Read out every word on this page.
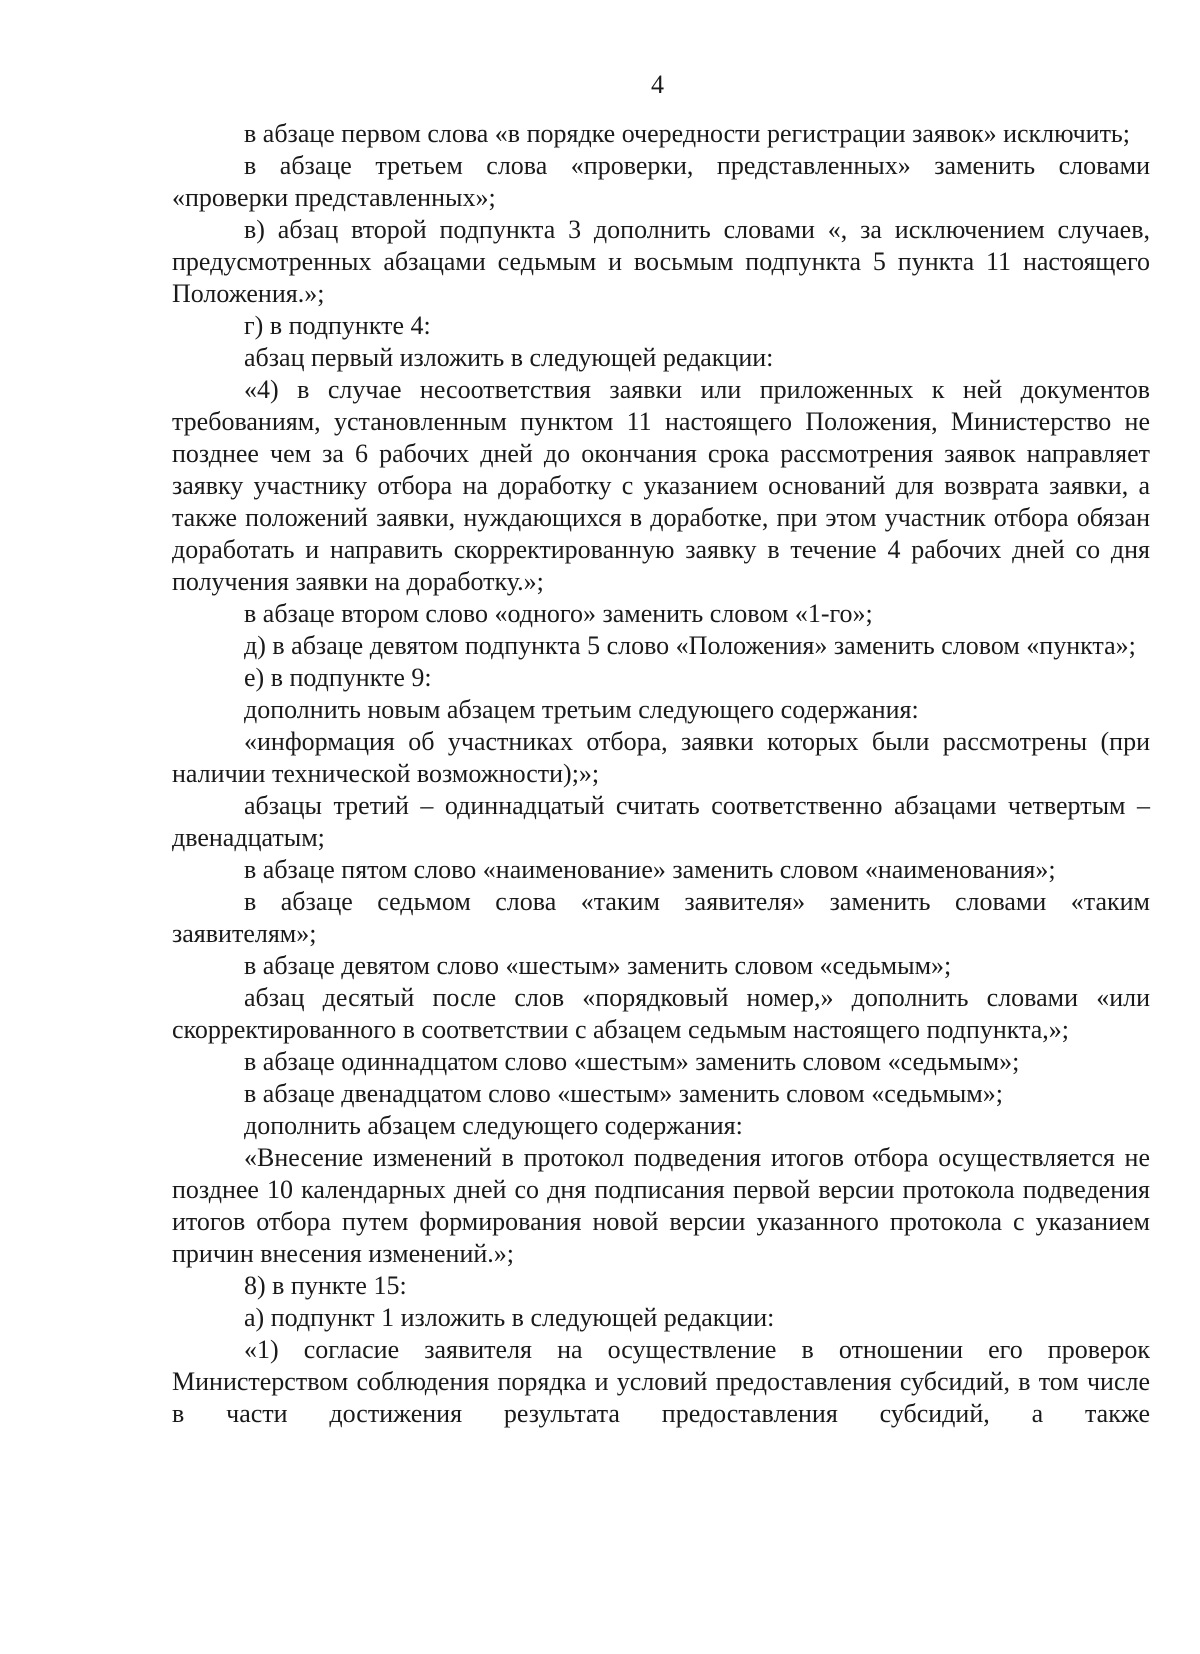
4

в абзаце первом слова «в порядке очередности регистрации заявок» исключить;

в абзаце третьем слова «проверки, представленных» заменить словами «проверки представленных»;

в) абзац второй подпункта 3 дополнить словами «, за исключением случаев, предусмотренных абзацами седьмым и восьмым подпункта 5 пункта 11 настоящего Положения.»;

г) в подпункте 4:

абзац первый изложить в следующей редакции:

«4) в случае несоответствия заявки или приложенных к ней документов требованиям, установленным пунктом 11 настоящего Положения, Министерство не позднее чем за 6 рабочих дней до окончания срока рассмотрения заявок направляет заявку участнику отбора на доработку с указанием оснований для возврата заявки, а также положений заявки, нуждающихся в доработке, при этом участник отбора обязан доработать и направить скорректированную заявку в течение 4 рабочих дней со дня получения заявки на доработку.»;

в абзаце втором слово «одного» заменить словом «1-го»;

д) в абзаце девятом подпункта 5 слово «Положения» заменить словом «пункта»;

е) в подпункте 9:

дополнить новым абзацем третьим следующего содержания:

«информация об участниках отбора, заявки которых были рассмотрены (при наличии технической возможности);»;

абзацы третий – одиннадцатый считать соответственно абзацами четвертым – двенадцатым;

в абзаце пятом слово «наименование» заменить словом «наименования»;

в абзаце седьмом слова «таким заявителя» заменить словами «таким заявителям»;

в абзаце девятом слово «шестым» заменить словом «седьмым»;

абзац десятый после слов «порядковый номер,» дополнить словами «или скорректированного в соответствии с абзацем седьмым настоящего подпункта,»;

в абзаце одиннадцатом слово «шестым» заменить словом «седьмым»;

в абзаце двенадцатом слово «шестым» заменить словом «седьмым»;

дополнить абзацем следующего содержания:

«Внесение изменений в протокол подведения итогов отбора осуществляется не позднее 10 календарных дней со дня подписания первой версии протокола подведения итогов отбора путем формирования новой версии указанного протокола с указанием причин внесения изменений.»;

8) в пункте 15:

а) подпункт 1 изложить в следующей редакции:

«1) согласие заявителя на осуществление в отношении его проверок Министерством соблюдения порядка и условий предоставления субсидий, в том числе в части достижения результата предоставления субсидий, а также
